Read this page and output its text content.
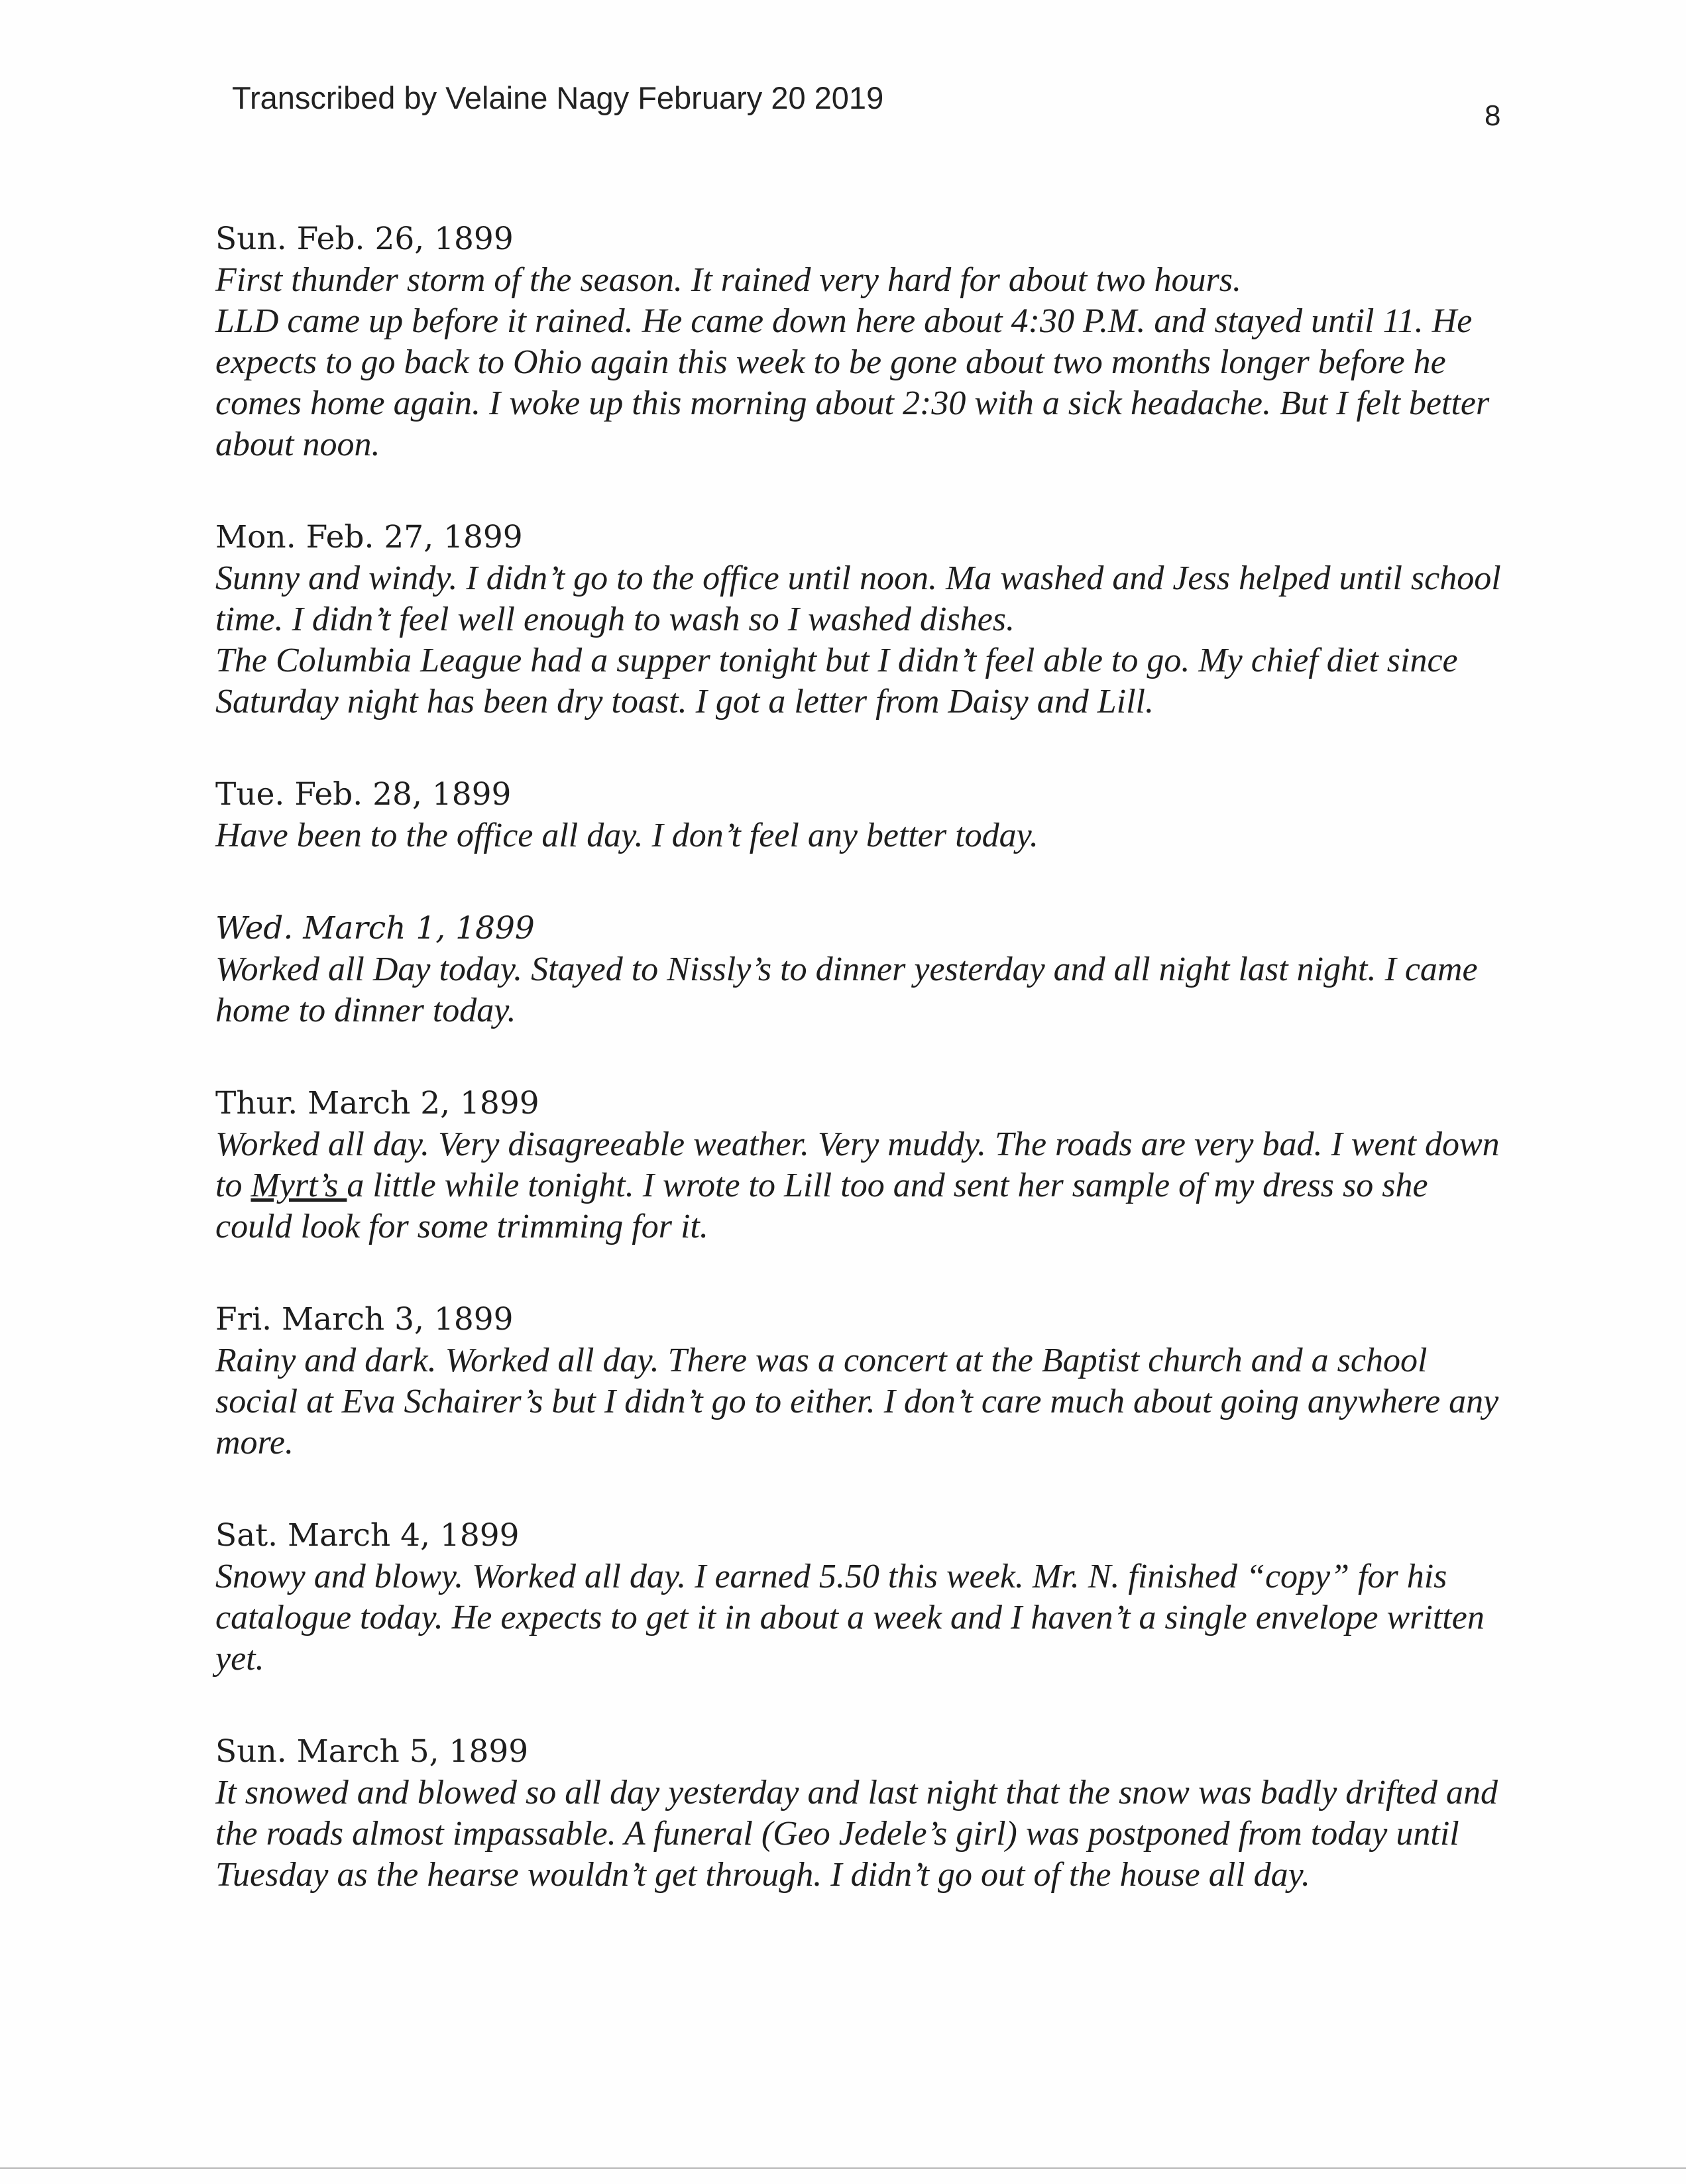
Transcribed by Velaine Nagy February 20 2019
8
Sun. Feb. 26, 1899

First thunder storm of the season. It rained very hard for about two hours.

LLD came up before it rained. He came down here about 4:30 P.M. and stayed until 11. He expects to go back to Ohio again this week to be gone about two months longer before he comes home again. I woke up this morning about 2:30 with a sick headache. But I felt better about noon.

Mon. Feb. 27, 1899

Sunny and windy. I didn’t go to the office until noon. Ma washed and Jess helped until school time. I didn’t feel well enough to wash so I washed dishes.

The Columbia League had a supper tonight but I didn’t feel able to go. My chief diet since Saturday night has been dry toast. I got a letter from Daisy and Lill.

Tue. Feb. 28, 1899

Have been to the office all day. I don’t feel any better today.

Wed. March 1, 1899

Worked all Day today. Stayed to Nissly’s to dinner yesterday and all night last night. I came home to dinner today.

Thur. March 2, 1899

Worked all day. Very disagreeable weather. Very muddy. The roads are very bad. I went down to Myrt’s a little while tonight. I wrote to Lill too and sent her sample of my dress so she could look for some trimming for it.

Fri. March 3, 1899

Rainy and dark. Worked all day. There was a concert at the Baptist church and a school social at Eva Schairer’s but I didn’t go to either. I don’t care much about going anywhere any more.

Sat. March 4, 1899

Snowy and blowy. Worked all day. I earned 5.50 this week. Mr. N. finished “copy” for his catalogue today. He expects to get it in about a week and I haven’t a single envelope written yet.

Sun. March 5, 1899

It snowed and blowed so all day yesterday and last night that the snow was badly drifted and the roads almost impassable. A funeral (Geo Jedele’s girl) was postponed from today until Tuesday as the hearse wouldn’t get through. I didn’t go out of the house all day.
